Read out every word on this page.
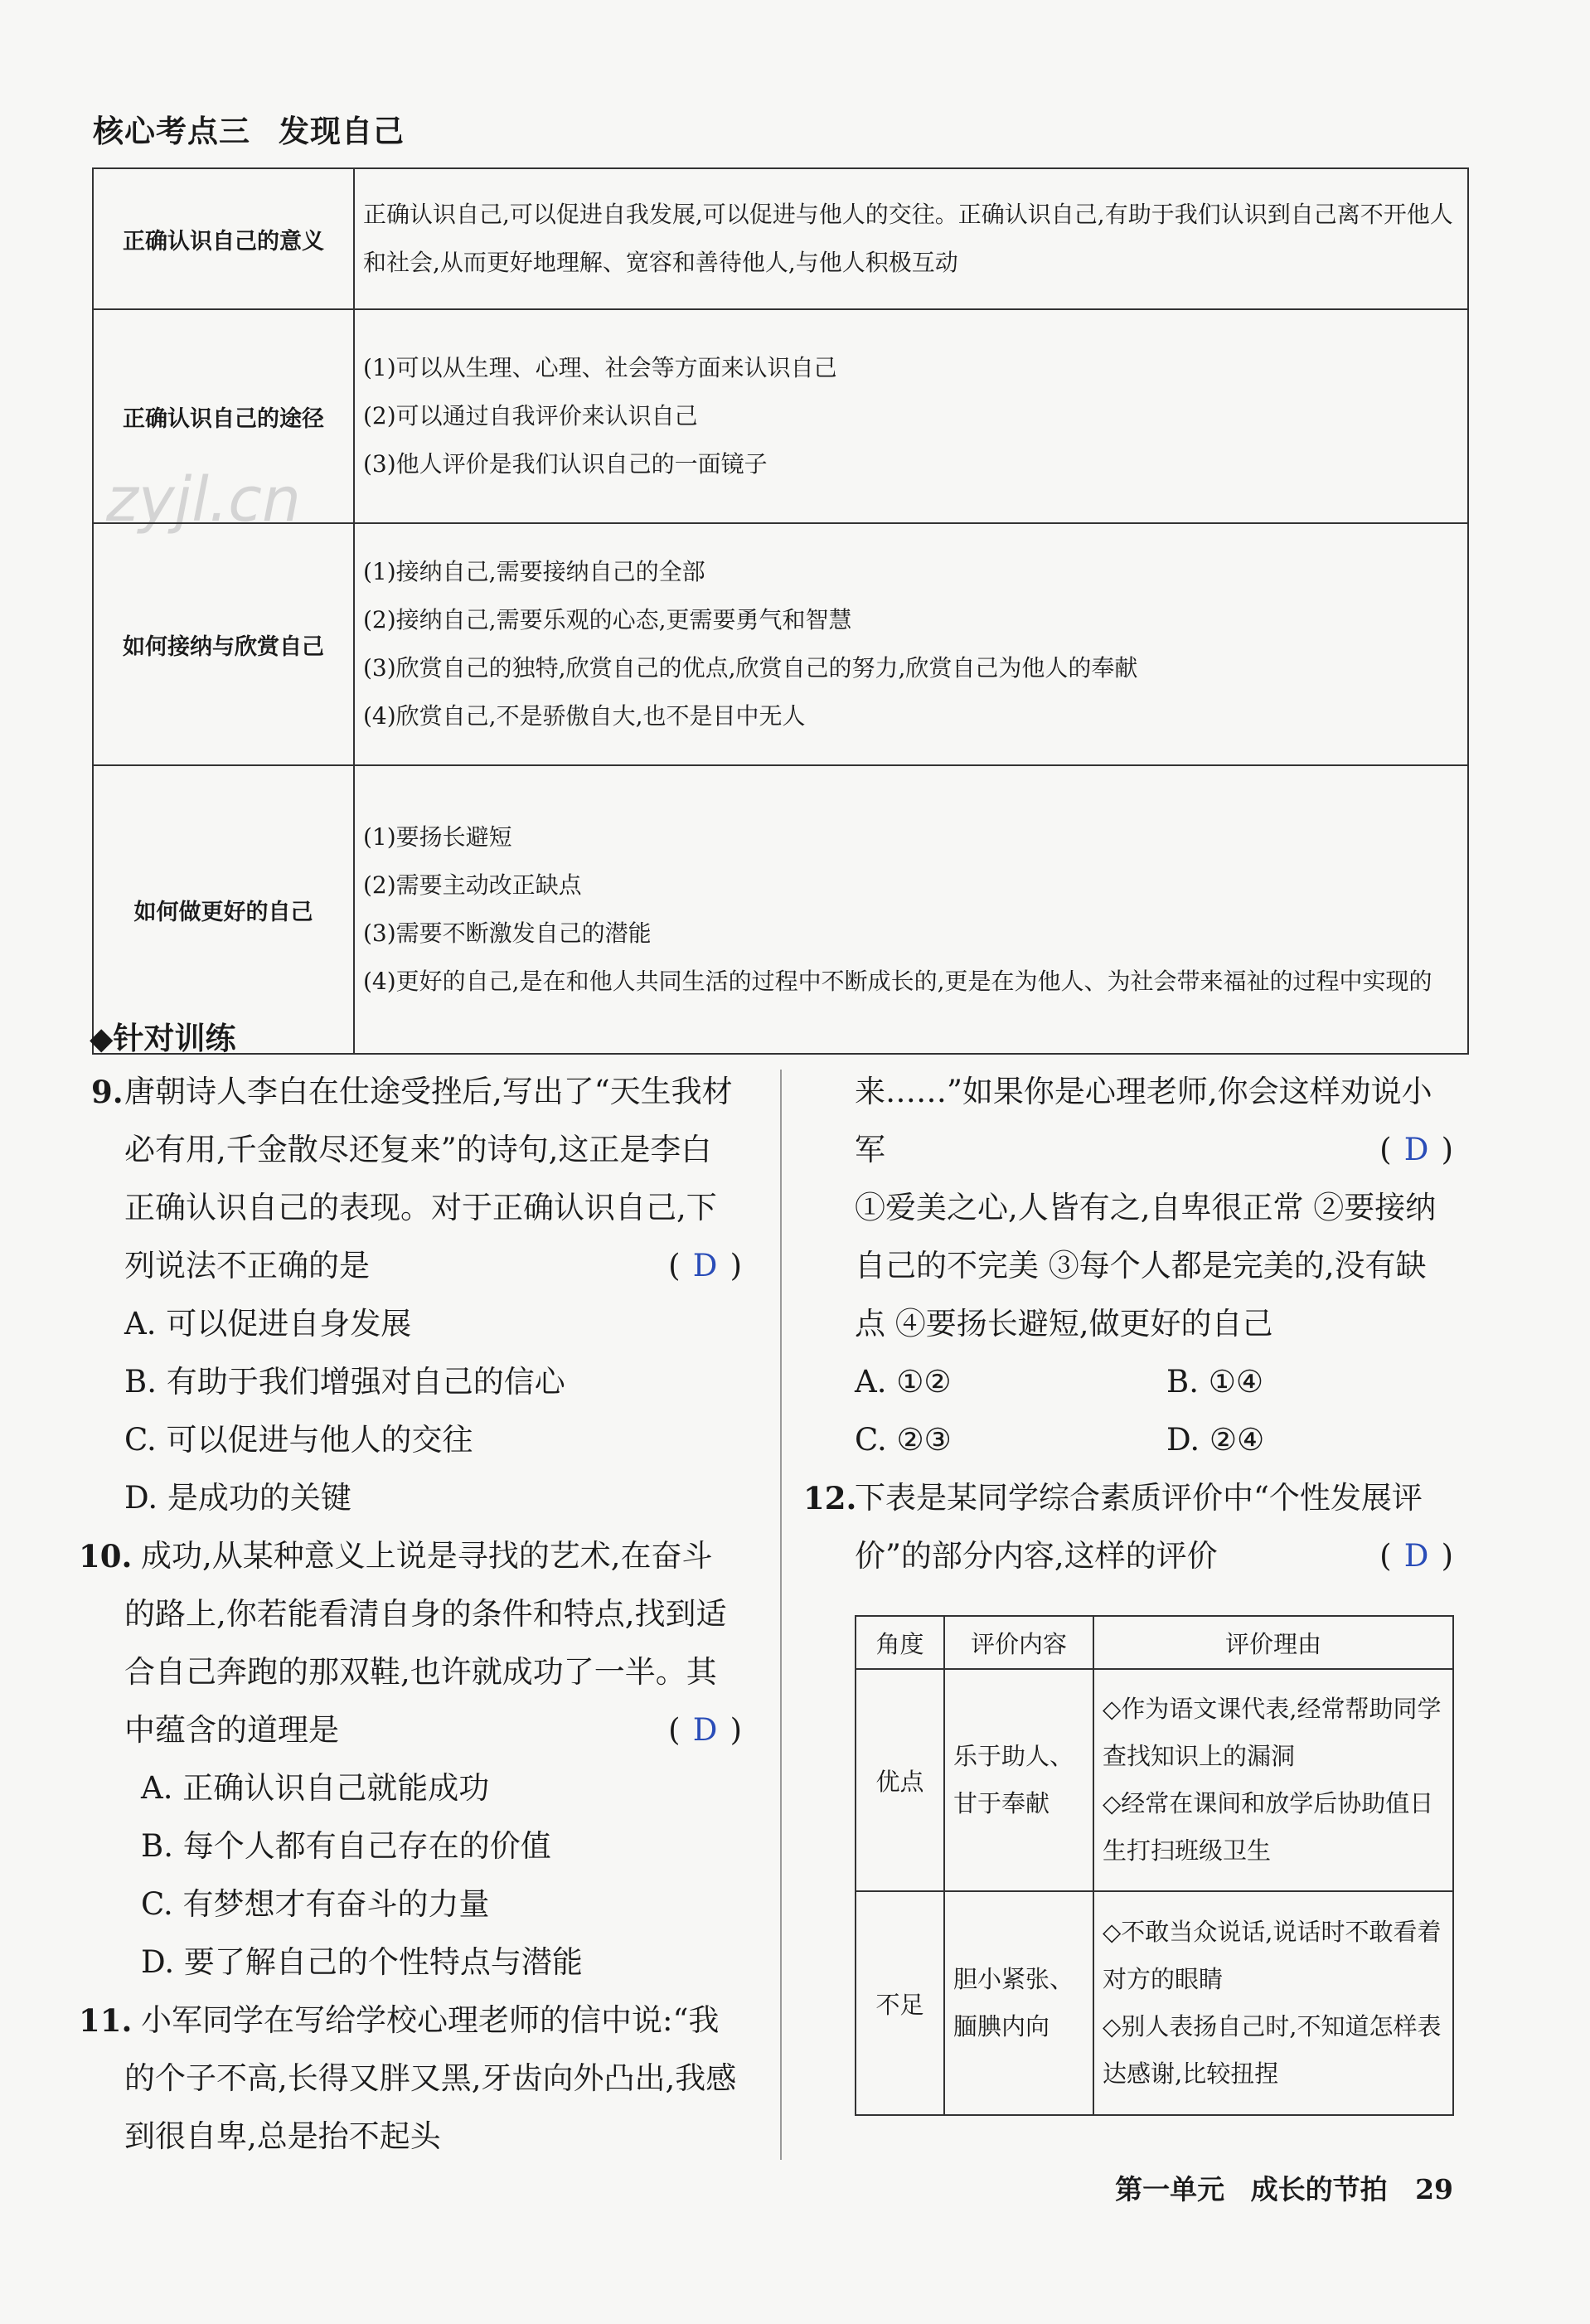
zyjl.cn
核心考点三 发现自己
正确认识自己的意义	正确认识自己,可以促进自我发展,可以促进与他人的交往。正确认识自己,有助于我们认识到自己离不开他人和社会,从而更好地理解、宽容和善待他人,与他人积极互动

正确认识自己的途径	(1)可以从生理、心理、社会等方面来认识自己
(2)可以通过自我评价来认识自己
(3)他人评价是我们认识自己的一面镜子

如何接纳与欣赏自己	(1)接纳自己,需要接纳自己的全部
(2)接纳自己,需要乐观的心态,更需要勇气和智慧
(3)欣赏自己的独特,欣赏自己的优点,欣赏自己的努力,欣赏自己为他人的奉献
(4)欣赏自己,不是骄傲自大,也不是目中无人

如何做更好的自己	(1)要扬长避短
(2)需要主动改正缺点
(3)需要不断激发自己的潜能
(4)更好的自己,是在和他人共同生活的过程中不断成长的,更是在为他人、为社会带来福祉的过程中实现的
◆针对训练
9. 唐朝诗人李白在仕途受挫后,写出了“天生我材必有用,千金散尽还复来”的诗句,这正是李白正确认识自己的表现。对于正确认识自己,下列说法不正确的是	( D )
A. 可以促进自身发展
B. 有助于我们增强对自己的信心
C. 可以促进与他人的交往
D. 是成功的关键
10. 成功,从某种意义上说是寻找的艺术,在奋斗的路上,你若能看清自身的条件和特点,找到适合自己奔跑的那双鞋,也许就成功了一半。其中蕴含的道理是	( D )
A. 正确认识自己就能成功
B. 每个人都有自己存在的价值
C. 有梦想才有奋斗的力量
D. 要了解自己的个性特点与潜能
11. 小军同学在写给学校心理老师的信中说:“我的个子不高,长得又胖又黑,牙齿向外凸出,我感到很自卑,总是抬不起头
来……”如果你是心理老师,你会这样劝说小军	( D )
①爱美之心,人皆有之,自卑很正常 ②要接纳自己的不完美 ③每个人都是完美的,没有缺点 ④要扬长避短,做更好的自己
A. ①②	B. ①④
C. ②③	D. ②④
12.
下表是某同学综合素质评价中“个性发展评价”的部分内容,这样的评价	( D )
角度	评价内容	评价理由
优点	乐于助人、甘于奉献	◇作为语文课代表,经常帮助同学查找知识上的漏洞
◇经常在课间和放学后协助值日生打扫班级卫生

不足	胆小紧张、腼腆内向	◇不敢当众说话,说话时不敢看着对方的眼睛
◇别人表扬自己时,不知道怎样表达感谢,比较扭捏
第一单元 成长的节拍 29
